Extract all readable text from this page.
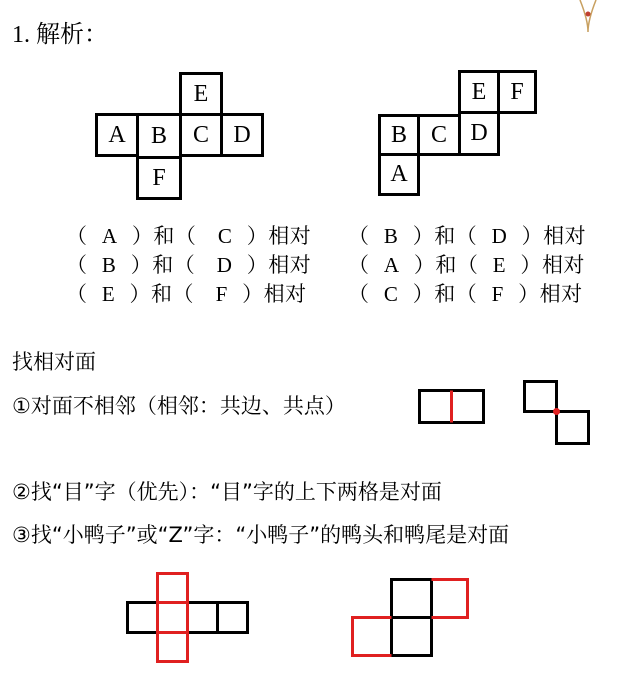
1. 解析：
E
A	B	C	D
F
E F
B C D
A
（  A  ）和（   C  ）相对
（  B  ）和（   D  ）相对
（  E  ）和（   F  ）相对
（  B  ）和（  D  ）相对
（  A  ）和（  E  ）相对
（  C  ）和（  F  ）相对
找相对面
①对面不相邻（相邻：共边、共点）
②找“目”字（优先）：“目”字的上下两格是对面
③找“小鸭子”或“Z”字：“小鸭子”的鸭头和鸭尾是对面
